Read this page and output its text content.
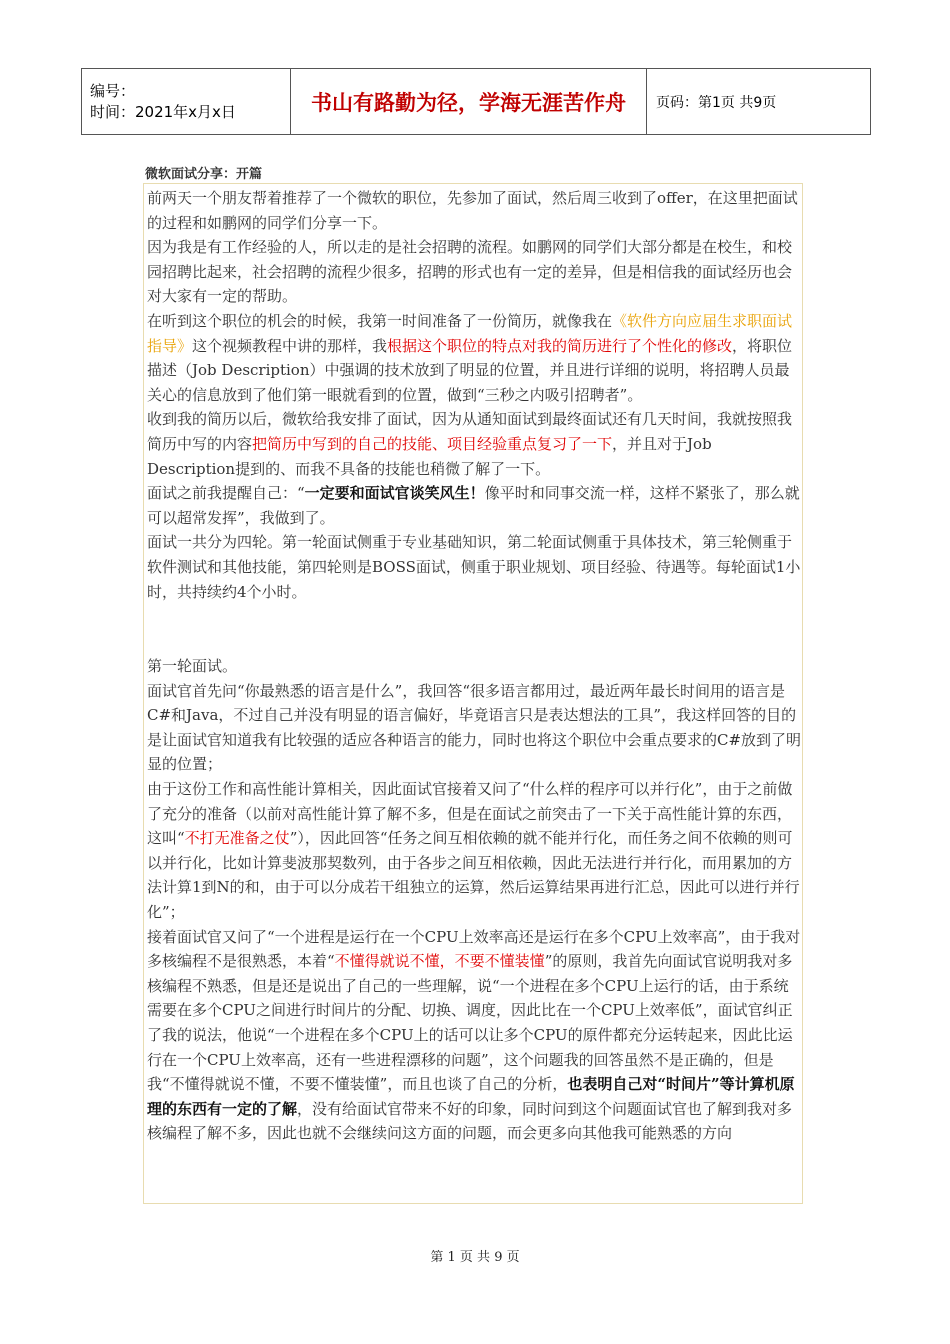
编号：
时间：2021年x月x日	书山有路勤为径，学海无涯苦作舟	页码：第1页 共9页
微软面试分享：开篇

前两天一个朋友帮着推荐了一个微软的职位，先参加了面试，然后周三收到了offer，在这里把面试的过程和如鹏网的同学们分享一下。

因为我是有工作经验的人，所以走的是社会招聘的流程。如鹏网的同学们大部分都是在校生，和校园招聘比起来，社会招聘的流程少很多，招聘的形式也有一定的差异，但是相信我的面试经历也会对大家有一定的帮助。

在听到这个职位的机会的时候，我第一时间准备了一份简历，就像我在《软件方向应届生求职面试指导》这个视频教程中讲的那样，我根据这个职位的特点对我的简历进行了个性化的修改，将职位描述（Job Description）中强调的技术放到了明显的位置，并且进行详细的说明，将招聘人员最关心的信息放到了他们第一眼就看到的位置，做到“三秒之内吸引招聘者”。

收到我的简历以后，微软给我安排了面试，因为从通知面试到最终面试还有几天时间，我就按照我简历中写的内容把简历中写到的自己的技能、项目经验重点复习了一下，并且对于Job Description提到的、而我不具备的技能也稍微了解了一下。

面试之前我提醒自己：“一定要和面试官谈笑风生！像平时和同事交流一样，这样不紧张了，那么就可以超常发挥”，我做到了。

面试一共分为四轮。第一轮面试侧重于专业基础知识，第二轮面试侧重于具体技术，第三轮侧重于软件测试和其他技能，第四轮则是BOSS面试，侧重于职业规划、项目经验、待遇等。每轮面试1小时，共持续约4个小时。

第一轮面试。

面试官首先问“你最熟悉的语言是什么”，我回答“很多语言都用过，最近两年最长时间用的语言是C#和Java，不过自己并没有明显的语言偏好，毕竟语言只是表达想法的工具”，我这样回答的目的是让面试官知道我有比较强的适应各种语言的能力，同时也将这个职位中会重点要求的C#放到了明显的位置；

由于这份工作和高性能计算相关，因此面试官接着又问了“什么样的程序可以并行化”，由于之前做了充分的准备（以前对高性能计算了解不多，但是在面试之前突击了一下关于高性能计算的东西，这叫“不打无准备之仗”），因此回答“任务之间互相依赖的就不能并行化，而任务之间不依赖的则可以并行化，比如计算斐波那契数列，由于各步之间互相依赖，因此无法进行并行化，而用累加的方法计算1到N的和，由于可以分成若干组独立的运算，然后运算结果再进行汇总，因此可以进行并行化”；

接着面试官又问了“一个进程是运行在一个CPU上效率高还是运行在多个CPU上效率高”，由于我对多核编程不是很熟悉，本着“不懂得就说不懂，不要不懂装懂”的原则，我首先向面试官说明我对多核编程不熟悉，但是还是说出了自己的一些理解，说“一个进程在多个CPU上运行的话，由于系统需要在多个CPU之间进行时间片的分配、切换、调度，因此比在一个CPU上效率低”，面试官纠正了我的说法，他说“一个进程在多个CPU上的话可以让多个CPU的原件都充分运转起来，因此比运行在一个CPU上效率高，还有一些进程漂移的问题”，这个问题我的回答虽然不是正确的，但是我“不懂得就说不懂，不要不懂装懂”，而且也谈了自己的分析，也表明自己对“时间片”等计算机原理的东西有一定的了解，没有给面试官带来不好的印象，同时问到这个问题面试官也了解到我对多核编程了解不多，因此也就不会继续问这方面的问题，而会更多向其他我可能熟悉的方向

第 1 页 共 9 页
